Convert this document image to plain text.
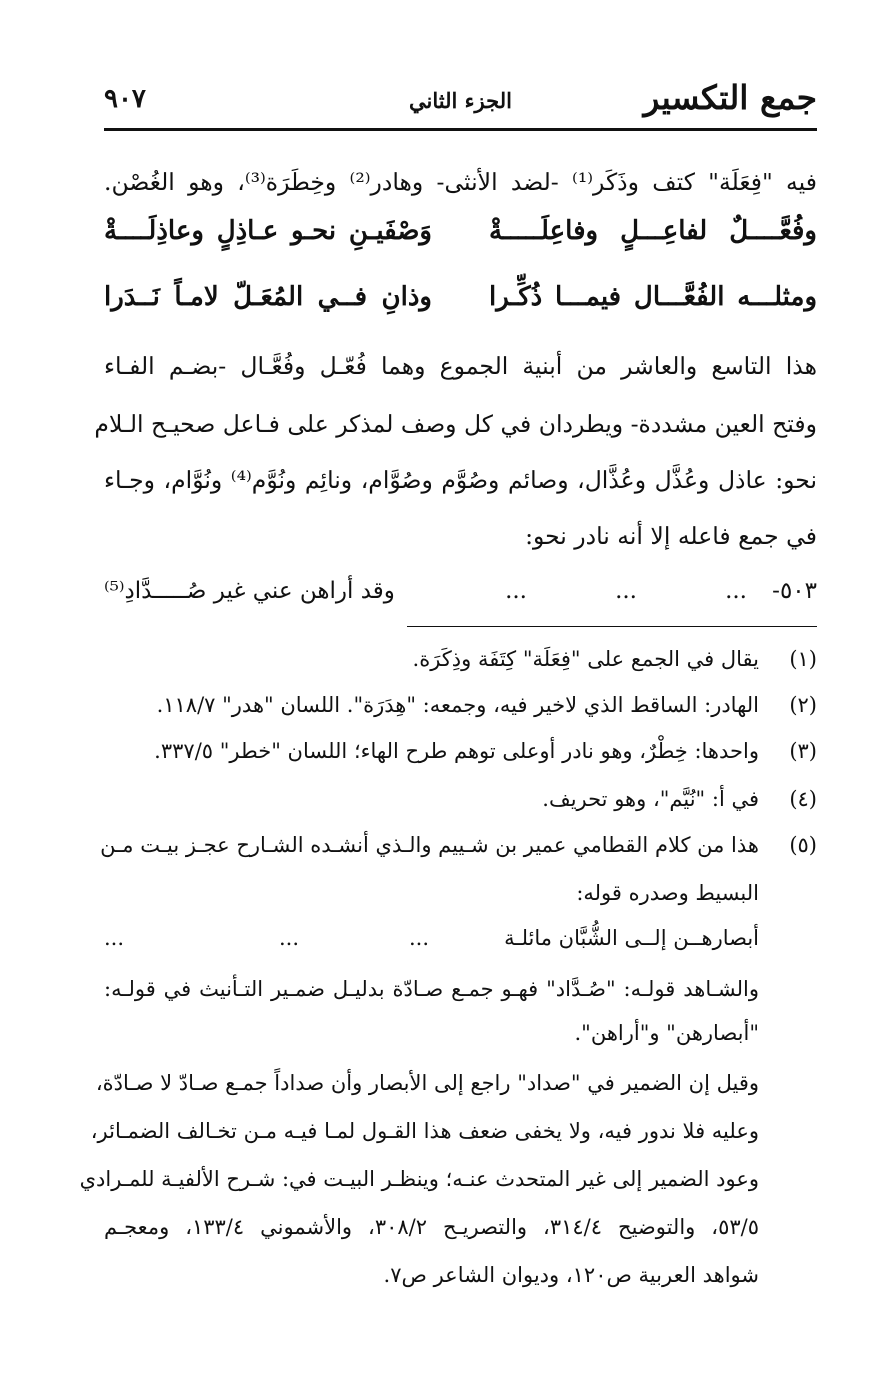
جمع التكسير
الجزء الثاني
٩٠٧
فيه "فِعَلَة" كتف وذَكَر⁽¹⁾ -لضد الأنثى- وهادر⁽²⁾ وخِطَرَة⁽³⁾، وهو الغُصْن.
وفُعَّــــلٌ لفاعِـــلٍ وفاعِلَـــــةْ
وَصْفَيـنِ نحـو عـاذِلٍ وعاذِلَــــةْ
ومثلـــه الفُعَّـــال فيمـــا ذُكِّـرا
وذانِ فــي المُعَـلّ لامـاً نَــدَرا
هذا التاسع والعاشر من أبنية الجموع وهما فُعّـل وفُعَّـال -بضـم الفـاء
وفتح العين مشددة- ويطردان في كل وصف لمذكر على فـاعل صحيـح الـلام
نحو: عاذل وعُذَّل وعُذَّال، وصائم وصُوَّم وصُوَّام، ونائِم ونُوَّم⁽⁴⁾ ونُوَّام، وجـاء
في جمع فاعله إلا أنه نادر نحو:
٥٠٣-
...
...
...
وقد أراهن عني غير صُـــــدَّادِ⁽⁵⁾
(١)
يقال في الجمع على "فِعَلَة" كِتَفَة وذِكَرَة.
(٢)
الهادر: الساقط الذي لاخير فيه، وجمعه: "هِدَرَة". اللسان "هدر" ١١٨/٧.
(٣)
واحدها: خِطْرٌ، وهو نادر أوعلى توهم طرح الهاء؛ اللسان "خطر" ٣٣٧/٥.
(٤)
في أ: "نُيَّم"، وهو تحريف.
(٥)
هذا من كلام القطامي عمير بن شـييم والـذي أنشـده الشـارح عجـز بيـت مـن
البسيط وصدره قوله:
أبصارهــن إلــى الشُّبَّان مائلـة
...
...
...
والشـاهد قولـه: "صُـدَّاد" فهـو جمـع صـادّة بدليـل ضمـير التـأنيث في قولـه:
"أبصارهن" و"أراهن".
وقيل إن الضمير في "صداد" راجع إلى الأبصار وأن صداداً جمـع صـادّ لا صـادّة،
وعليه فلا ندور فيه، ولا يخفى ضعف هذا القـول لمـا فيـه مـن تخـالف الضمـائر،
وعود الضمير إلى غير المتحدث عنـه؛ وينظـر البيـت في: شـرح الألفيـة للمـرادي
٥٣/٥، والتوضيح ٣١٤/٤، والتصريـح ٣٠٨/٢، والأشموني ١٣٣/٤، ومعجـم
شواهد العربية ص١٢٠، وديوان الشاعر ص٧.
